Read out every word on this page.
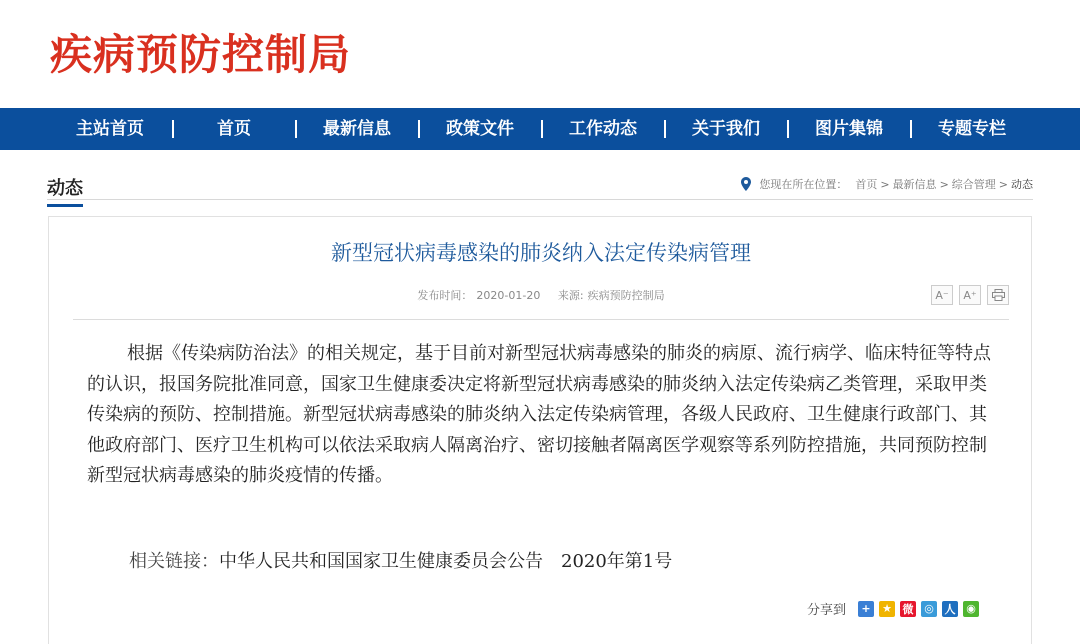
疾病预防控制局
主站首页	首页	最新信息	政策文件	工作动态	关于我们	图片集锦	专题专栏
动态	您现在所在位置： 首页 > 最新信息 > 综合管理 > 动态
新型冠状病毒感染的肺炎纳入法定传染病管理
发布时间： 2020-01-20 来源: 疾病预防控制局	A⁻	A⁺

根据《传染病防治法》的相关规定，基于目前对新型冠状病毒感染的肺炎的病原、流行病学、临床特征等特点的认识，报国务院批准同意，国家卫生健康委决定将新型冠状病毒感染的肺炎纳入法定传染病乙类管理，采取甲类传染病的预防、控制措施。新型冠状病毒感染的肺炎纳入法定传染病管理，各级人民政府、卫生健康行政部门、其他政府部门、医疗卫生机构可以依法采取病人隔离治疗、密切接触者隔离医学观察等系列防控措施，共同预防控制新型冠状病毒感染的肺炎疫情的传播。

相关链接：中华人民共和国国家卫生健康委员会公告 2020年第1号
分享到	+	★ 微 ◎ 人 ◉
